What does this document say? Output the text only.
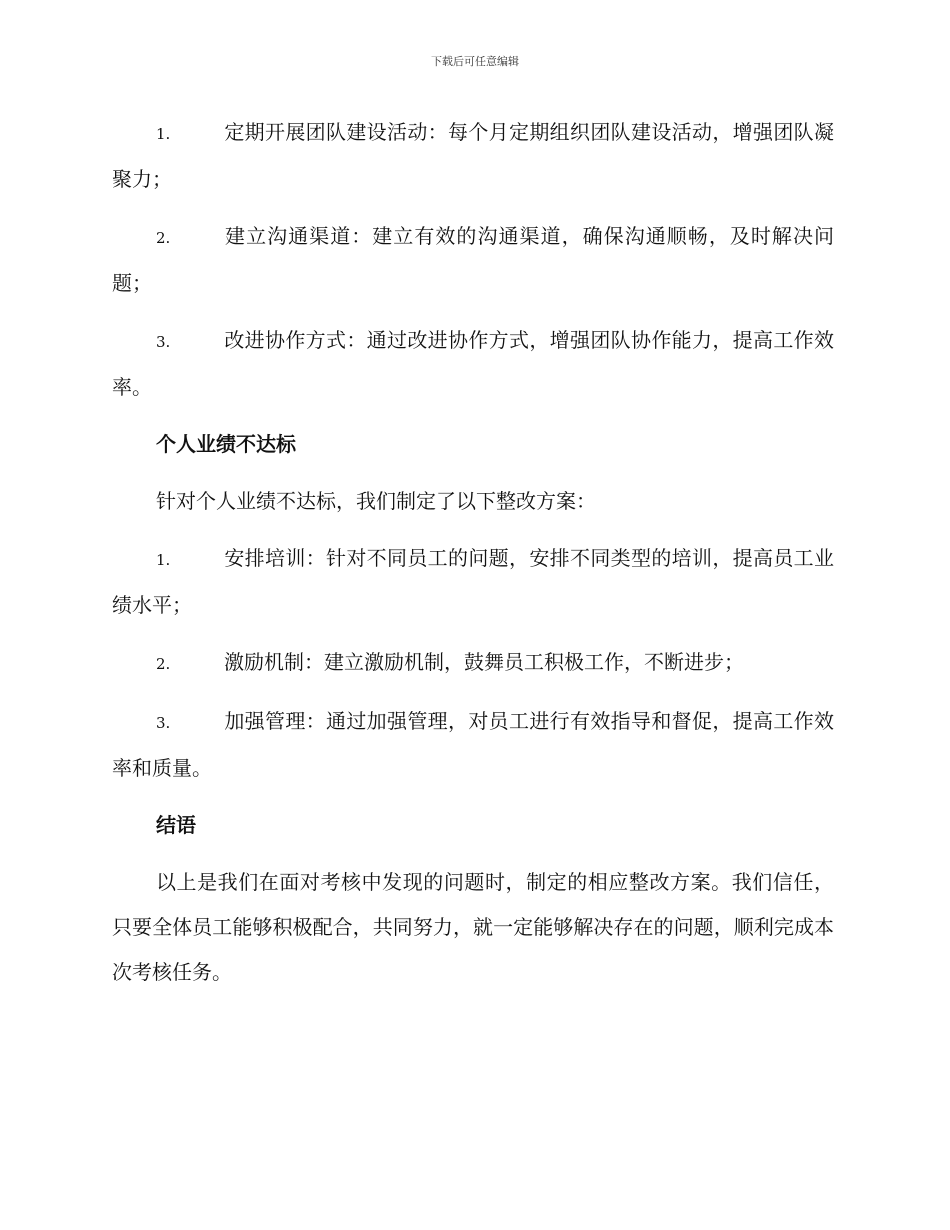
下载后可任意编辑

1.	定期开展团队建设活动：每个月定期组织团队建设活动，增强团队凝聚力；

2.	建立沟通渠道：建立有效的沟通渠道，确保沟通顺畅，及时解决问题；

3.	改进协作方式：通过改进协作方式，增强团队协作能力，提高工作效率。

个人业绩不达标

针对个人业绩不达标，我们制定了以下整改方案：

1.	安排培训：针对不同员工的问题，安排不同类型的培训，提高员工业绩水平；

2.	激励机制：建立激励机制，鼓舞员工积极工作，不断进步；

3.	加强管理：通过加强管理，对员工进行有效指导和督促，提高工作效率和质量。

结语

以上是我们在面对考核中发现的问题时，制定的相应整改方案。我们信任，只要全体员工能够积极配合，共同努力，就一定能够解决存在的问题，顺利完成本次考核任务。
